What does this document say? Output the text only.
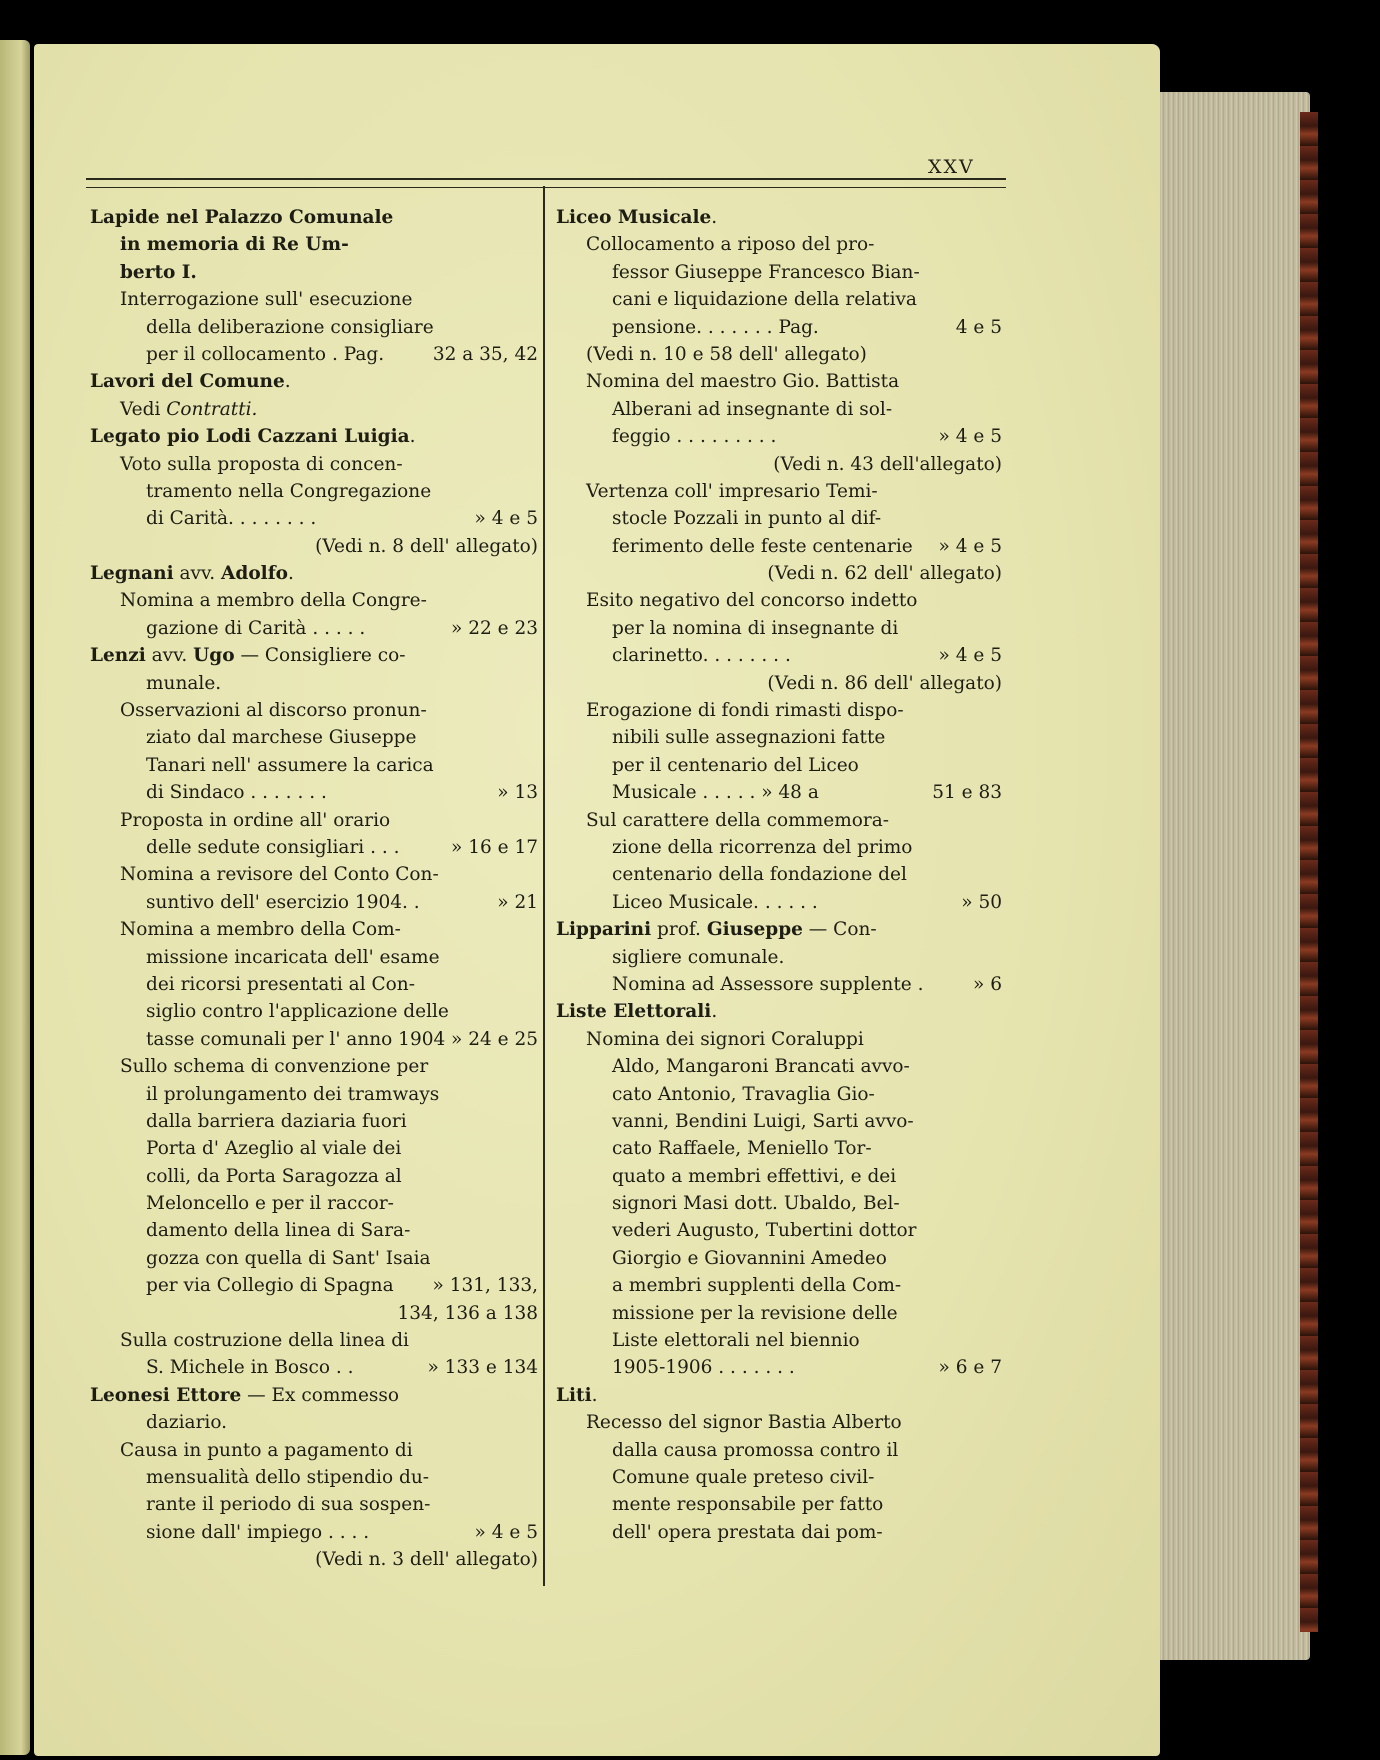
XXV
Lapide nel Palazzo Comunale
in memoria di Re Um-
berto I.
Interrogazione sull' esecuzione
della deliberazione consigliare
per il collocamento . Pag.	32 a 35, 42
Lavori del Comune.
Vedi Contratti.
Legato pio Lodi Cazzani Luigia.
Voto sulla proposta di concen-
tramento nella Congregazione
di Carità. . . . . . . .	» 4 e 5
(Vedi n. 8 dell' allegato)
Legnani avv. Adolfo.
Nomina a membro della Congre-
gazione di Carità . . . . .	» 22 e 23
Lenzi avv. Ugo — Consigliere co-
munale.
Osservazioni al discorso pronun-
ziato dal marchese Giuseppe
Tanari nell' assumere la carica
di Sindaco . . . . . . .	» 13
Proposta in ordine all' orario
delle sedute consigliari . . .	» 16 e 17
Nomina a revisore del Conto Con-
suntivo dell' esercizio 1904. .	» 21
Nomina a membro della Com-
missione incaricata dell' esame
dei ricorsi presentati al Con-
siglio contro l'applicazione delle
tasse comunali per l' anno 1904 » 24 e 25
Sullo schema di convenzione per
il prolungamento dei tramways
dalla barriera daziaria fuori
Porta d' Azeglio al viale dei
colli, da Porta Saragozza al
Meloncello e per il raccor-
damento della linea di Sara-
gozza con quella di Sant' Isaia
per via Collegio di Spagna » 131, 133,
134, 136 a 138
Sulla costruzione della linea di
S. Michele in Bosco . .	» 133 e 134
Leonesi Ettore — Ex commesso
daziario.
Causa in punto a pagamento di
mensualità dello stipendio du-
rante il periodo di sua sospen-
sione dall' impiego . . . .	» 4 e 5
(Vedi n. 3 dell' allegato)
Liceo Musicale.
Collocamento a riposo del pro-
fessor Giuseppe Francesco Bian-
cani e liquidazione della relativa
pensione. . . . . . . Pag.	4 e 5
(Vedi n. 10 e 58 dell' allegato)
Nomina del maestro Gio. Battista
Alberani ad insegnante di sol-
feggio . . . . . . . . .	» 4 e 5
(Vedi n. 43 dell'allegato)
Vertenza coll' impresario Temi-
stocle Pozzali in punto al dif-
ferimento delle feste centenarie » 4 e 5
(Vedi n. 62 dell' allegato)
Esito negativo del concorso indetto
per la nomina di insegnante di
clarinetto. . . . . . . .	» 4 e 5
(Vedi n. 86 dell' allegato)
Erogazione di fondi rimasti dispo-
nibili sulle assegnazioni fatte
per il centenario del Liceo
Musicale . . . . . » 48 a	51 e 83
Sul carattere della commemora-
zione della ricorrenza del primo
centenario della fondazione del
Liceo Musicale. . . . . .	» 50
Lipparini prof. Giuseppe — Con-
sigliere comunale.
Nomina ad Assessore supplente .	» 6
Liste Elettorali.
Nomina dei signori Coraluppi
Aldo, Mangaroni Brancati avvo-
cato Antonio, Travaglia Gio-
vanni, Bendini Luigi, Sarti avvo-
cato Raffaele, Meniello Tor-
quato a membri effettivi, e dei
signori Masi dott. Ubaldo, Bel-
vederi Augusto, Tubertini dottor
Giorgio e Giovannini Amedeo
a membri supplenti della Com-
missione per la revisione delle
Liste elettorali nel biennio
1905-1906 . . . . . . .	» 6 e 7
Liti.
Recesso del signor Bastia Alberto
dalla causa promossa contro il
Comune quale preteso civil-
mente responsabile per fatto
dell' opera prestata dai pom-
